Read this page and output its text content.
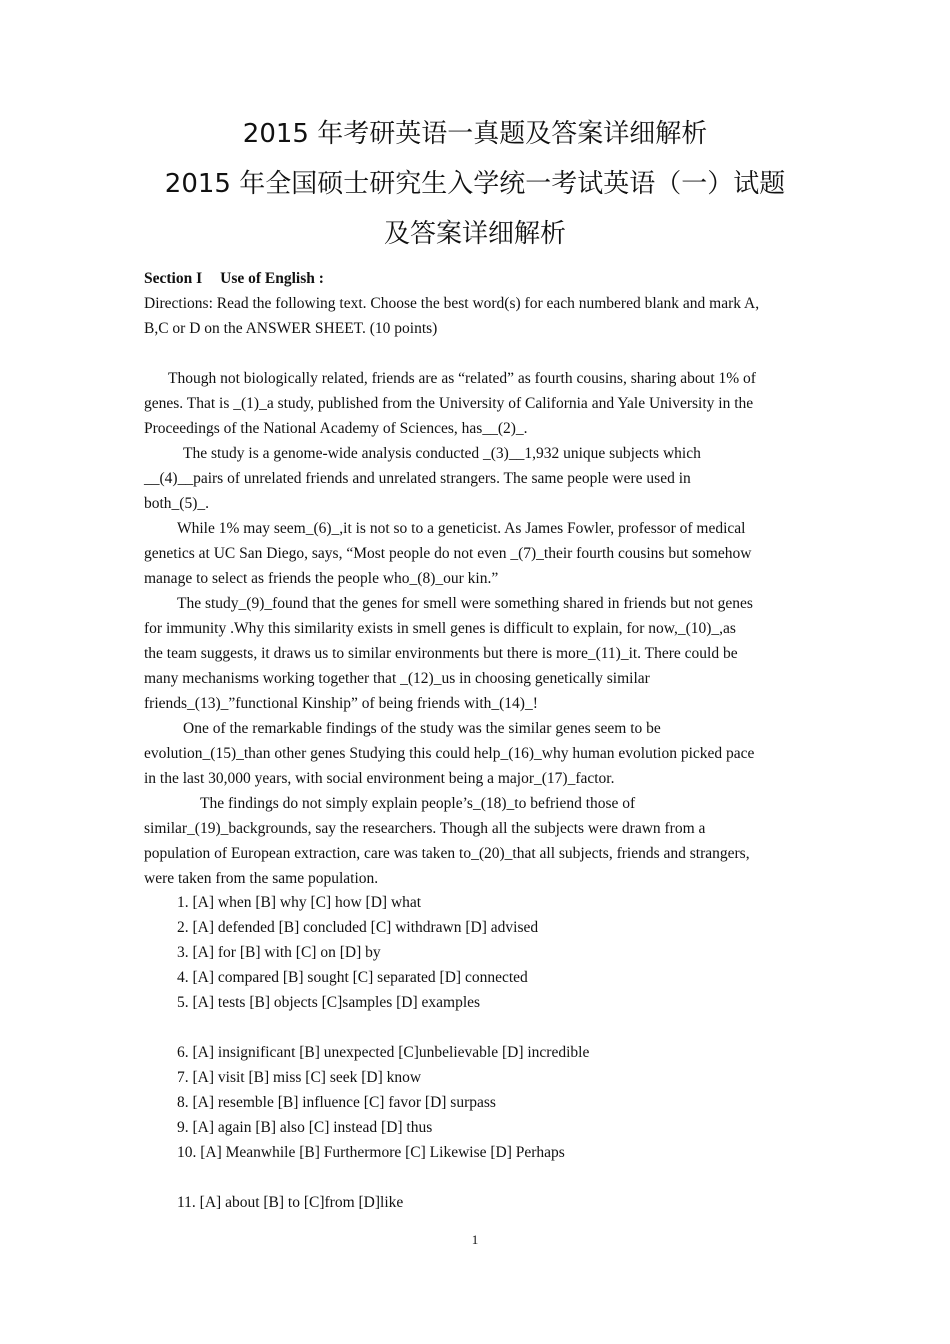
2015 年考研英语一真题及答案详细解析
2015 年全国硕士研究生入学统一考试英语（一）试题
及答案详细解析
Section I Use of English :
Directions: Read the following text. Choose the best word(s) for each numbered blank and mark A,
B,C or D on the ANSWER SHEET. (10 points)
Though not biologically related, friends are as “related” as fourth cousins, sharing about 1% of
genes. That is _(1)_a study, published from the University of California and Yale University in the
Proceedings of the National Academy of Sciences, has__(2)_.
The study is a genome-wide analysis conducted _(3)__1,932 unique subjects which
__(4)__pairs of unrelated friends and unrelated strangers. The same people were used in
both_(5)_.
While 1% may seem_(6)_,it is not so to a geneticist. As James Fowler, professor of medical
genetics at UC San Diego, says, “Most people do not even _(7)_their fourth cousins but somehow
manage to select as friends the people who_(8)_our kin.”
The study_(9)_found that the genes for smell were something shared in friends but not genes
for immunity .Why this similarity exists in smell genes is difficult to explain, for now,_(10)_,as
the team suggests, it draws us to similar environments but there is more_(11)_it. There could be
many mechanisms working together that _(12)_us in choosing genetically similar
friends_(13)_”functional Kinship” of being friends with_(14)_!
One of the remarkable findings of the study was the similar genes seem to be
evolution_(15)_than other genes Studying this could help_(16)_why human evolution picked pace
in the last 30,000 years, with social environment being a major_(17)_factor.
The findings do not simply explain people’s_(18)_to befriend those of
similar_(19)_backgrounds, say the researchers. Though all the subjects were drawn from a
population of European extraction, care was taken to_(20)_that all subjects, friends and strangers,
were taken from the same population.
1. [A] when [B] why [C] how [D] what
2. [A] defended [B] concluded [C] withdrawn [D] advised
3. [A] for [B] with [C] on [D] by
4. [A] compared [B] sought [C] separated [D] connected
5. [A] tests [B] objects [C]samples [D] examples
6. [A] insignificant [B] unexpected [C]unbelievable [D] incredible
7. [A] visit [B] miss [C] seek [D] know
8. [A] resemble [B] influence [C] favor [D] surpass
9. [A] again [B] also [C] instead [D] thus
10. [A] Meanwhile [B] Furthermore [C] Likewise [D] Perhaps
11. [A] about [B] to [C]from [D]like
1
